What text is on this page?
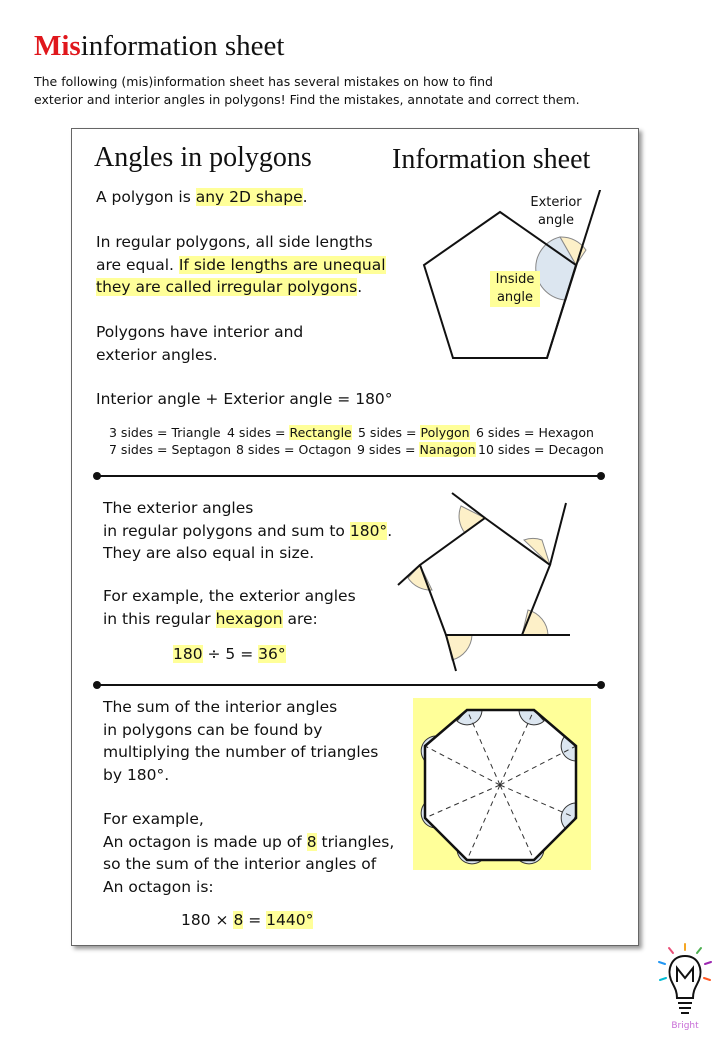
Misinformation sheet
The following (mis)information sheet has several mistakes on how to find
exterior and interior angles in polygons! Find the mistakes, annotate and correct them.
Angles in polygons	Information sheet
A polygon is any 2D shape.
In regular polygons, all side lengths
are equal. If side lengths are unequal
they are called irregular polygons.
Polygons have interior and
exterior angles.
Interior angle + Exterior angle = 180°
3 sides = Triangle 4 sides = Rectangle 5 sides = Polygon 6 sides = Hexagon
7 sides = Septagon 8 sides = Octagon 9 sides = Nanagon 10 sides = Decagon
Exterior
angle
Inside
angle
The exterior angles
in regular polygons and sum to 180°.
They are also equal in size.
For example, the exterior angles
in this regular hexagon are:
180 ÷ 5 = 36°
The sum of the interior angles
in polygons can be found by
multiplying the number of triangles
by 180°.
For example,
An octagon is made up of 8 triangles,
so the sum of the interior angles of
An octagon is:
180 × 8 = 1440°
Bright
